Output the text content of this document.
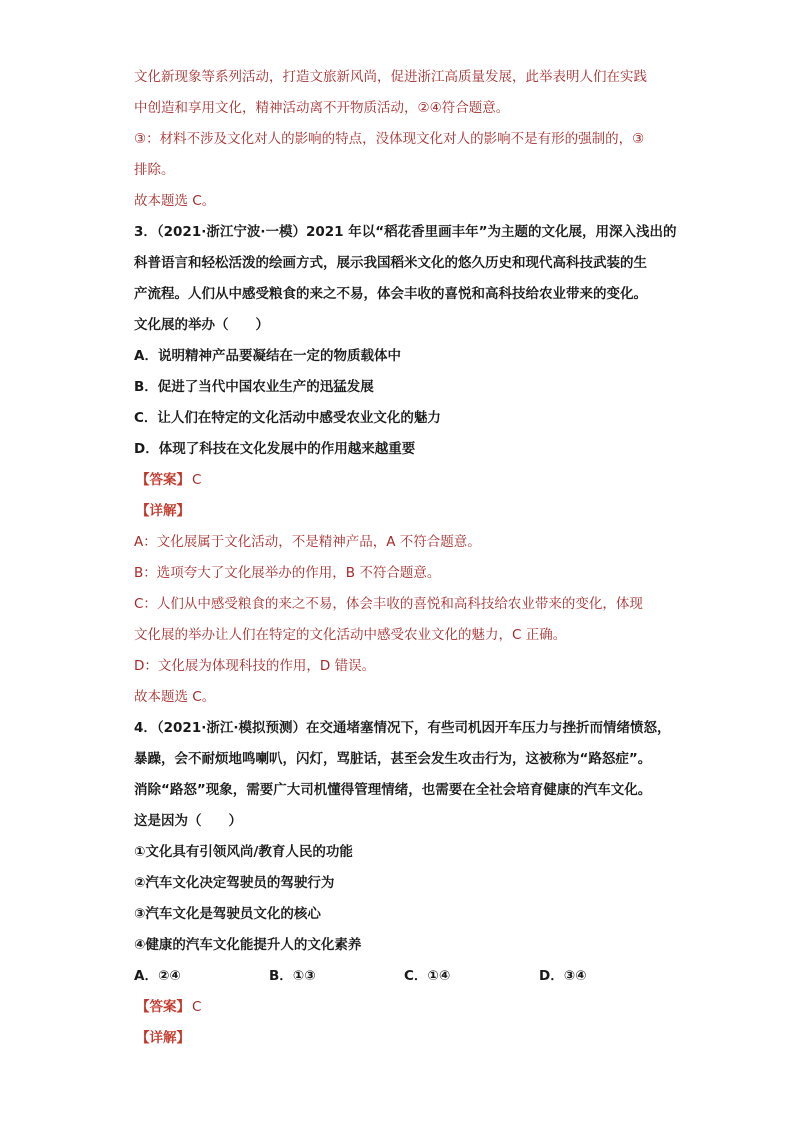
文化新现象等系列活动，打造文旅新风尚，促进浙江高质量发展，此举表明人们在实践
中创造和享用文化，精神活动离不开物质活动，②④符合题意。
③：材料不涉及文化对人的影响的特点，没体现文化对人的影响不是有形的强制的，③
排除。
故本题选 C。
3．（2021·浙江宁波·一模）2021 年以“稻花香里画丰年”为主题的文化展，用深入浅出的
科普语言和轻松活泼的绘画方式，展示我国稻米文化的悠久历史和现代高科技武装的生
产流程。人们从中感受粮食的来之不易，体会丰收的喜悦和高科技给农业带来的变化。
文化展的举办（　　）
A．说明精神产品要凝结在一定的物质载体中
B．促进了当代中国农业生产的迅猛发展
C．让人们在特定的文化活动中感受农业文化的魅力
D．体现了科技在文化发展中的作用越来越重要
【答案】 C
【详解】
A：文化展属于文化活动，不是精神产品，A 不符合题意。
B：选项夸大了文化展举办的作用，B 不符合题意。
C：人们从中感受粮食的来之不易，体会丰收的喜悦和高科技给农业带来的变化，体现
文化展的举办让人们在特定的文化活动中感受农业文化的魅力，C 正确。
D：文化展为体现科技的作用，D 错误。
故本题选 C。
4．（2021·浙江·模拟预测）在交通堵塞情况下，有些司机因开车压力与挫折而情绪愤怒，
暴躁，会不耐烦地鸣喇叭，闪灯，骂脏话，甚至会发生攻击行为，这被称为“路怒症”。
消除“路怒”现象，需要广大司机懂得管理情绪，也需要在全社会培育健康的汽车文化。
这是因为（　　）
①文化具有引领风尚/教育人民的功能
②汽车文化决定驾驶员的驾驶行为
③汽车文化是驾驶员文化的核心
④健康的汽车文化能提升人的文化素养
A．②④	B．①③	C．①④	D．③④
【答案】 C
【详解】
